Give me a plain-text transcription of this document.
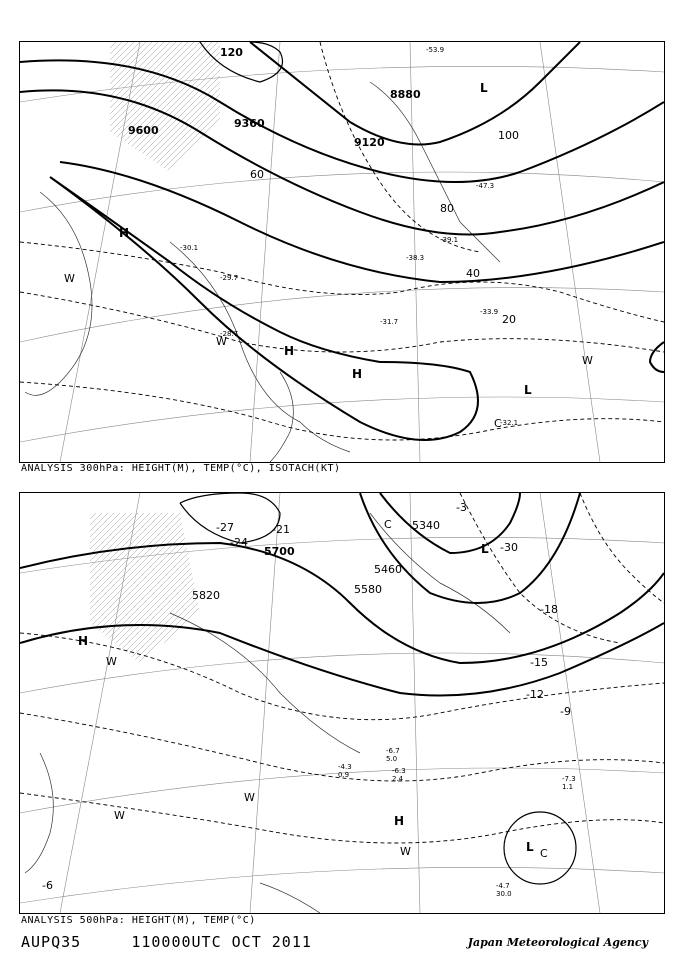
9600
9360
9120
8880
120
80
60
40
20
100
-29.7
-30.1
-28.7
-31.7
-32.1
-33.9
-38.3
-39.1
-47.3
-53.9
H
H
H
L
L
W
W
W
C
ANALYSIS 300hPa: HEIGHT(M), TEMP(°C), ISOTACH(KT)
5700
5820
5460
5340
5580
-27
-24
-21
-18
-15
-12
-9
-6
-30
-3
-4.7
30.0
-7.3
1.1
-6.3
2.4
-6.7
5.0
-4.3
0.9
H
H
L
L
W
W
W
W
C
C
ANALYSIS 500hPa: HEIGHT(M), TEMP(°C)
AUPQ35	110000UTC OCT 2011	Japan Meteorological Agency
